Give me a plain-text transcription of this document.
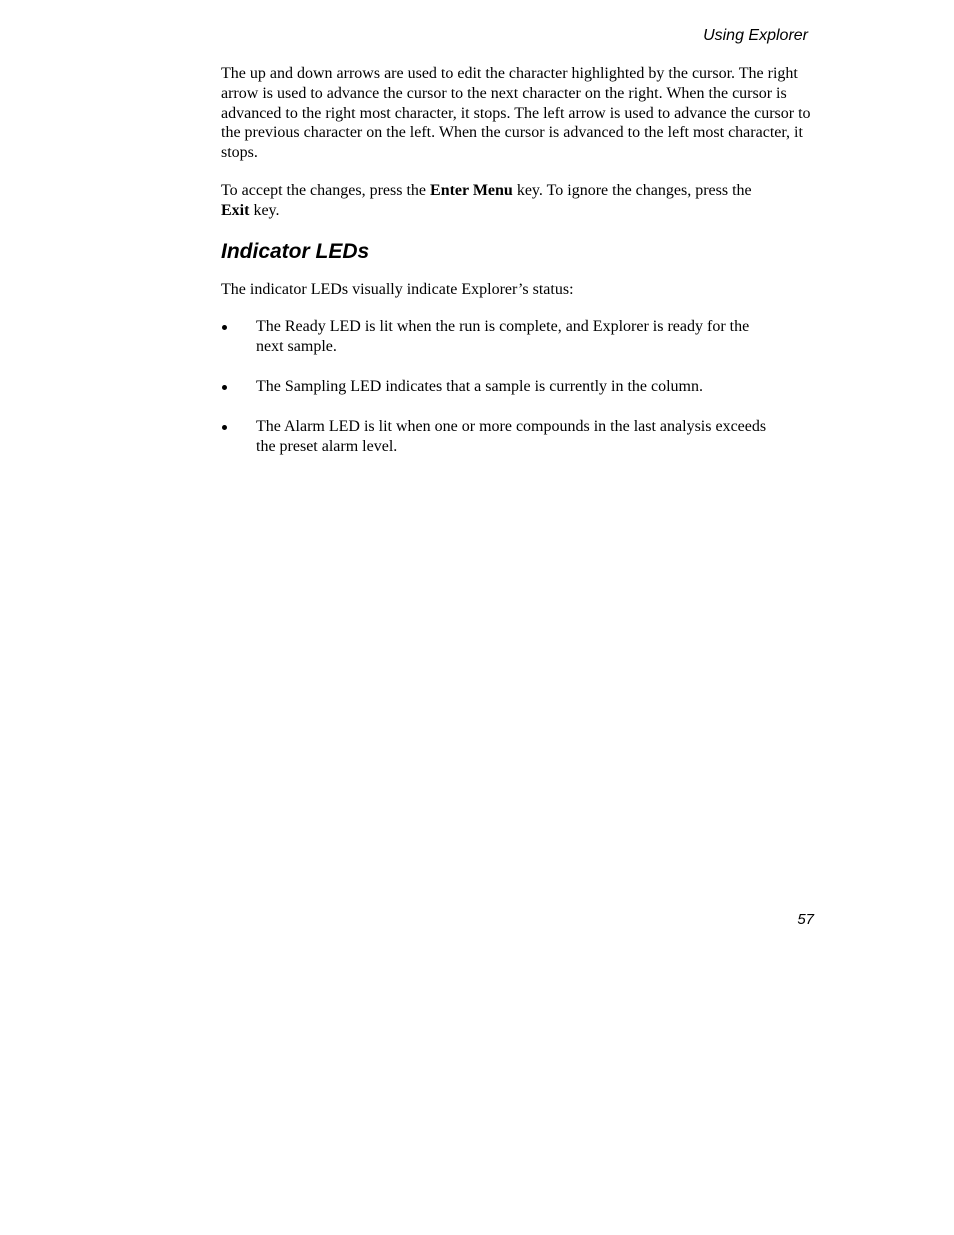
Using Explorer

The up and down arrows are used to edit the character highlighted by the cursor. The right arrow is used to advance the cursor to the next character on the right. When the cursor is advanced to the right most character, it stops. The left arrow is used to advance the cursor to the previous character on the left. When the cursor is advanced to the left most character, it stops.

To accept the changes, press the Enter Menu key. To ignore the changes, press the
Exit key.

Indicator LEDs

The indicator LEDs visually indicate Explorer’s status:

The Ready LED is lit when the run is complete, and Explorer is ready for the next sample.
The Sampling LED indicates that a sample is currently in the column.
The Alarm LED is lit when one or more compounds in the last analysis exceeds the preset alarm level.
57
